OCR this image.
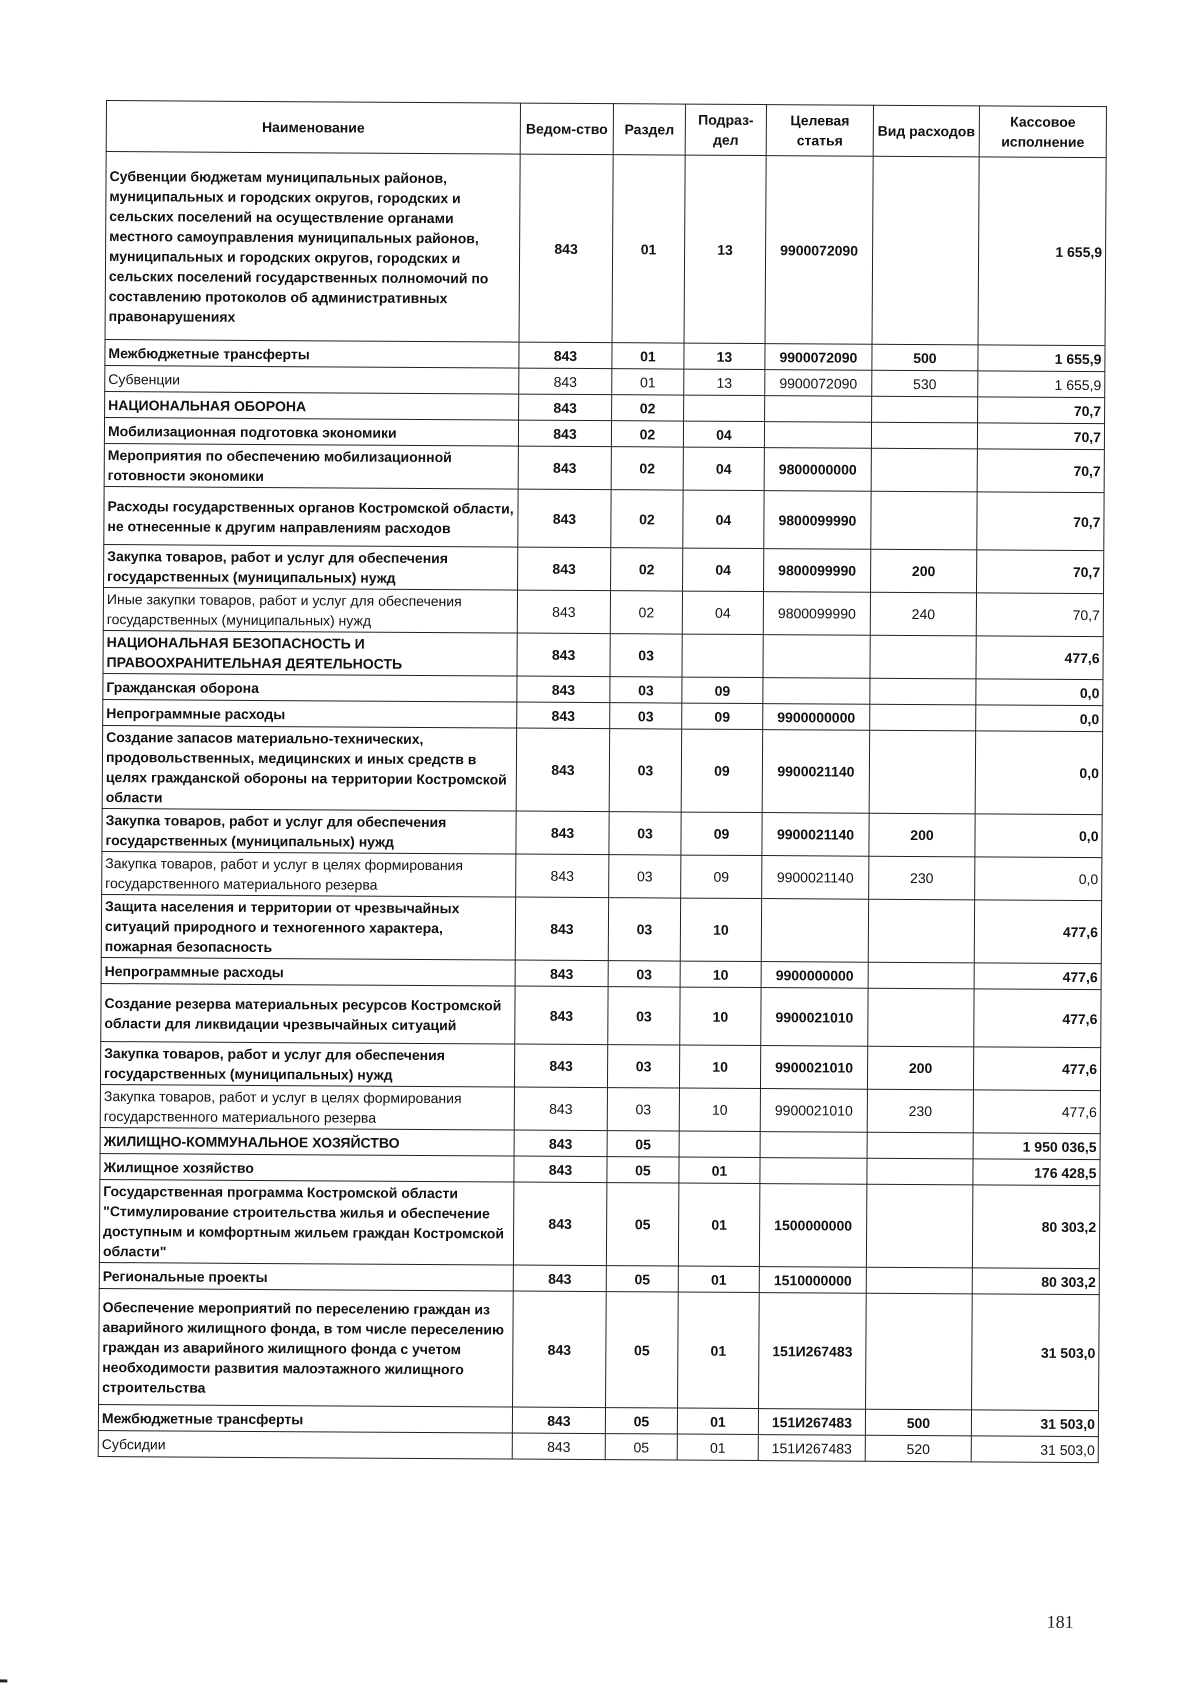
Наименование	Ведом-ство	Раздел	Подраз-дел	Целевая статья	Вид расходов	Кассовое исполнение
Субвенции бюджетам муниципальных районов, муниципальных и городских округов, городских и сельских поселений на осуществление органами местного самоуправления муниципальных районов, муниципальных и городских округов, городских и сельских поселений государственных полномочий по составлению протоколов об административных правонарушениях	843	01	13	9900072090		1 655,9
Межбюджетные трансферты	843	01	13	9900072090	500	1 655,9
Субвенции	843	01	13	9900072090	530	1 655,9
НАЦИОНАЛЬНАЯ ОБОРОНА	843	02				70,7
Мобилизационная подготовка экономики	843	02	04			70,7
Мероприятия по обеспечению мобилизационной готовности экономики	843	02	04	9800000000		70,7
Расходы государственных органов Костромской области, не отнесенные к другим направлениям расходов	843	02	04	9800099990		70,7
Закупка товаров, работ и услуг для обеспечения государственных (муниципальных) нужд	843	02	04	9800099990	200	70,7
Иные закупки товаров, работ и услуг для обеспечения государственных (муниципальных) нужд	843	02	04	9800099990	240	70,7
НАЦИОНАЛЬНАЯ БЕЗОПАСНОСТЬ И ПРАВООХРАНИТЕЛЬНАЯ ДЕЯТЕЛЬНОСТЬ	843	03				477,6
Гражданская оборона	843	03	09			0,0
Непрограммные расходы	843	03	09	9900000000		0,0
Создание запасов материально-технических, продовольственных, медицинских и иных средств в целях гражданской обороны на территории Костромской области	843	03	09	9900021140		0,0
Закупка товаров, работ и услуг для обеспечения государственных (муниципальных) нужд	843	03	09	9900021140	200	0,0
Закупка товаров, работ и услуг в целях формирования государственного материального резерва	843	03	09	9900021140	230	0,0
Защита населения и территории от чрезвычайных ситуаций природного и техногенного характера, пожарная безопасность	843	03	10			477,6
Непрограммные расходы	843	03	10	9900000000		477,6
Создание резерва материальных ресурсов Костромской области для ликвидации чрезвычайных ситуаций	843	03	10	9900021010		477,6
Закупка товаров, работ и услуг для обеспечения государственных (муниципальных) нужд	843	03	10	9900021010	200	477,6
Закупка товаров, работ и услуг в целях формирования государственного материального резерва	843	03	10	9900021010	230	477,6
ЖИЛИЩНО-КОММУНАЛЬНОЕ ХОЗЯЙСТВО	843	05				1 950 036,5
Жилищное хозяйство	843	05	01			176 428,5
Государственная программа Костромской области "Стимулирование строительства жилья и обеспечение доступным и комфортным жильем граждан Костромской области"	843	05	01	1500000000		80 303,2
Региональные проекты	843	05	01	1510000000		80 303,2
Обеспечение мероприятий по переселению граждан из аварийного жилищного фонда, в том числе переселению граждан из аварийного жилищного фонда с учетом необходимости развития малоэтажного жилищного строительства	843	05	01	151И267483		31 503,0
Межбюджетные трансферты	843	05	01	151И267483	500	31 503,0
Субсидии	843	05	01	151И267483	520	31 503,0
181
